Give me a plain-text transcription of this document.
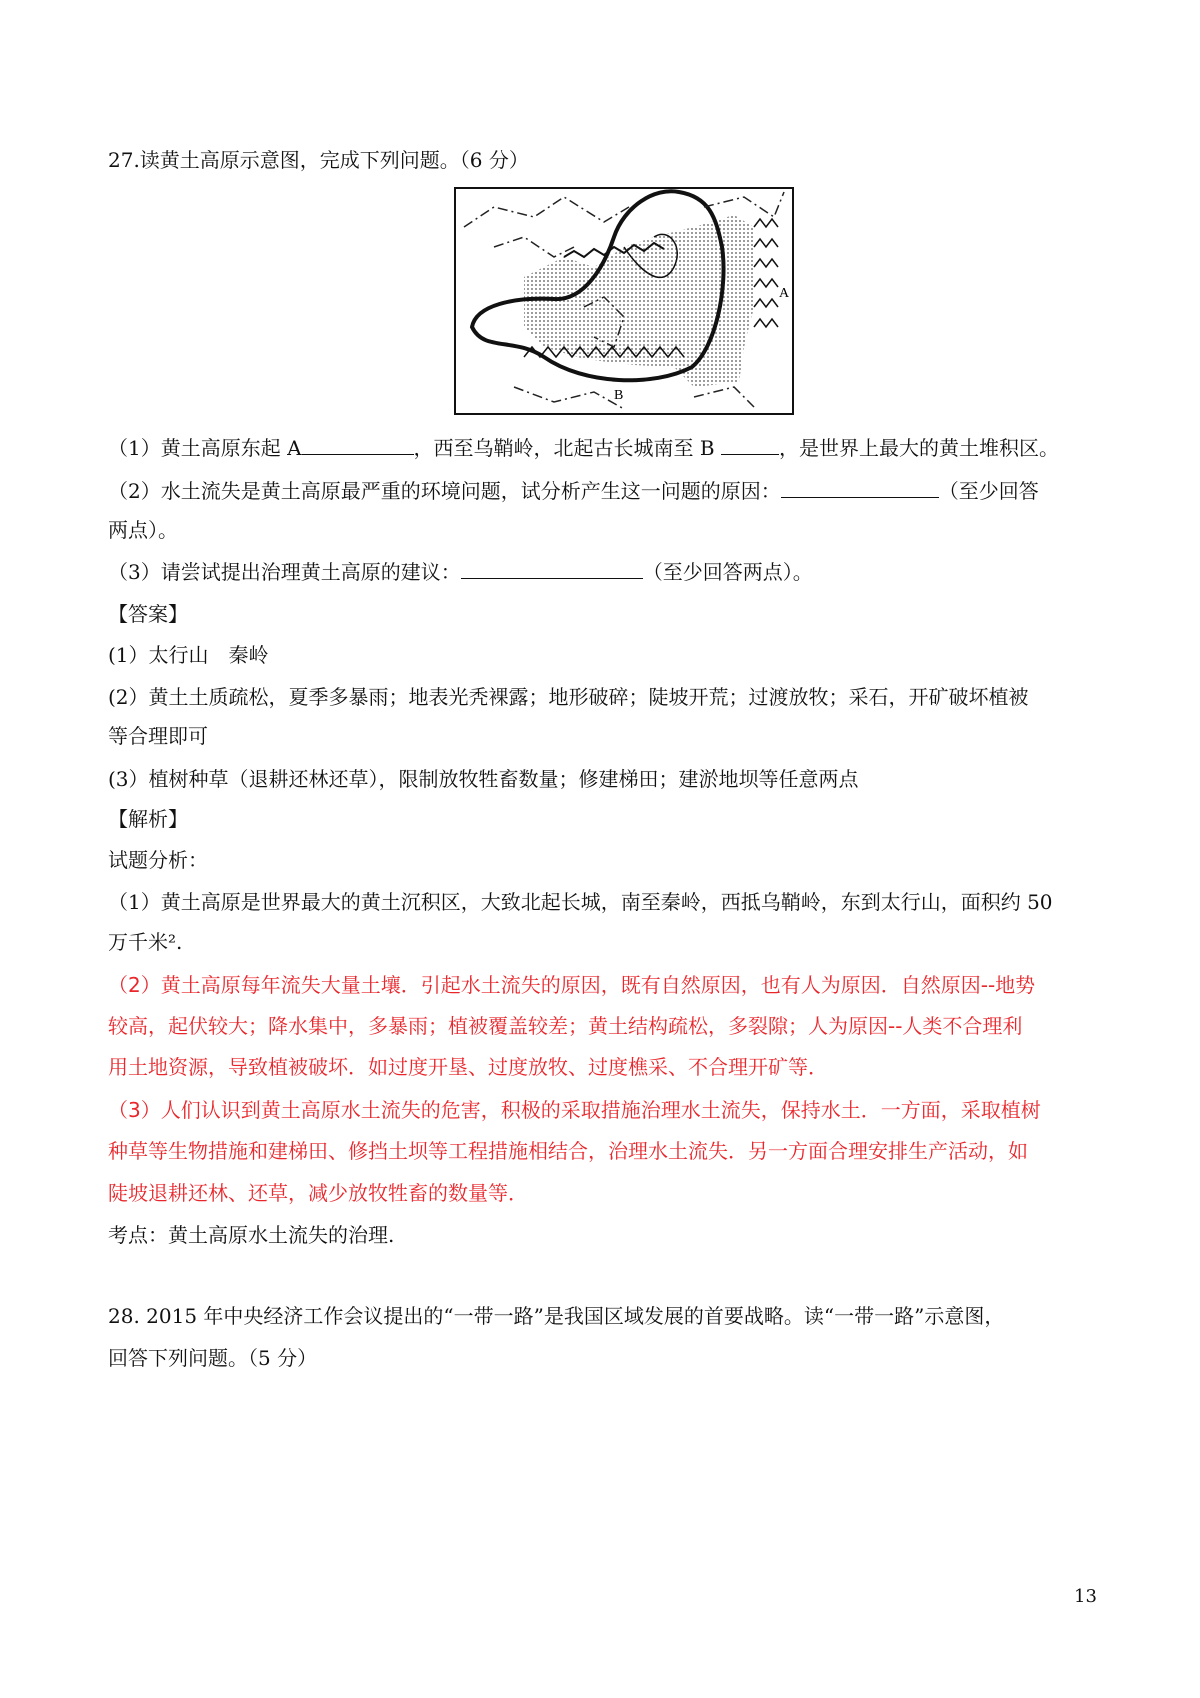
27.读黄土高原示意图，完成下列问题。（6 分）
A
B
（1）黄土高原东起 A	，西至乌鞘岭，北起古长城南至 B	，是世界上最大的黄土堆积区。
（2）水土流失是黄土高原最严重的环境问题，试分析产生这一问题的原因：	（至少回答
两点）。
（3）请尝试提出治理黄土高原的建议：	（至少回答两点）。
【答案】
(1）太行山　秦岭
(2）黄土土质疏松，夏季多暴雨；地表光秃裸露；地形破碎；陡坡开荒；过渡放牧；采石，开矿破坏植被
等合理即可
(3）植树种草（退耕还林还草），限制放牧牲畜数量；修建梯田；建淤地坝等任意两点
【解析】
试题分析：
（1）黄土高原是世界最大的黄土沉积区，大致北起长城，南至秦岭，西抵乌鞘岭，东到太行山，面积约 50
万千米².
（2）黄土高原每年流失大量土壤．引起水土流失的原因，既有自然原因，也有人为原因．自然原因--地势
较高，起伏较大；降水集中，多暴雨；植被覆盖较差；黄土结构疏松，多裂隙；人为原因--人类不合理利
用土地资源，导致植被破坏．如过度开垦、过度放牧、过度樵采、不合理开矿等．
（3）人们认识到黄土高原水土流失的危害，积极的采取措施治理水土流失，保持水土．一方面，采取植树
种草等生物措施和建梯田、修挡土坝等工程措施相结合，治理水土流失．另一方面合理安排生产活动，如
陡坡退耕还林、还草，减少放牧牲畜的数量等．
考点：黄土高原水土流失的治理.
28. 2015 年中央经济工作会议提出的“一带一路”是我国区域发展的首要战略。读“一带一路”示意图，
回答下列问题。（5 分）
13
